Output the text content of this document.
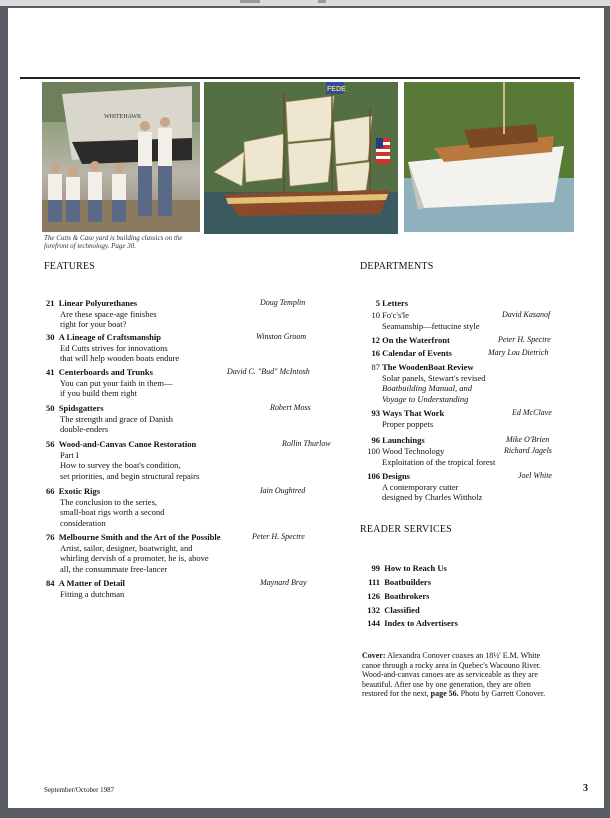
WHITEHAWK
FEDE
The Cutts & Case yard is building classics on the forefront of technology. Page 30.
FEATURES	DEPARTMENTS
READER SERVICES
21 Linear Polyurethanes	Doug Templin
Are these space-age finishes
right for your boat?
30 A Lineage of Craftsmanship	Winston Groom
Ed Cutts strives for innovations
that will help wooden boats endure
41 Centerboards and Trunks	David C. "Bud" McIntosh
You can put your faith in them—
if you build them right
50 Spidsgatters	Robert Moss
The strength and grace of Danish
double-enders
56 Wood-and-Canvas Canoe Restoration	Rollin Thurlow
Part I
How to survey the boat's condition,
set priorities, and begin structural repairs
66 Exotic Rigs	Iain Oughtred
The conclusion to the series,
small-boat rigs worth a second
consideration
76 Melbourne Smith and the Art of the Possible	Peter H. Spectre
Artist, sailor, designer, boatwright, and
whirling dervish of a promoter, he is, above
all, the consummate free-lancer
84 A Matter of Detail	Maynard Bray
Fitting a dutchman
5 Letters
10 Fo'c's'le	David Kasanof
Seamanship—fettucine style
12 On the Waterfront	Peter H. Spectre
16 Calendar of Events	Mary Lou Dietrich
87 The WoodenBoat Review
Solar panels, Stewart's revised
Boatbuilding Manual, and
Voyage to Understanding
93 Ways That Work	Ed McClave
Proper poppets
96 Launchings	Mike O'Brien
100 Wood Technology	Richard Jagels
Exploitation of the tropical forest
106 Designs	Joel White
A contemporary cutter
designed by Charles Wittholz
99 How to Reach Us
111 Boatbuilders
126 Boatbrokers
132 Classified
144 Index to Advertisers
Cover: Alexandra Conover coaxes an 18½' E.M. White canoe through a rocky area in Quebec's Wacouno River. Wood-and-canvas canoes are as serviceable as they are beautiful. After use by one generation, they are often restored for the next, page 56. Photo by Garrett Conover.
September/October 1987	3
